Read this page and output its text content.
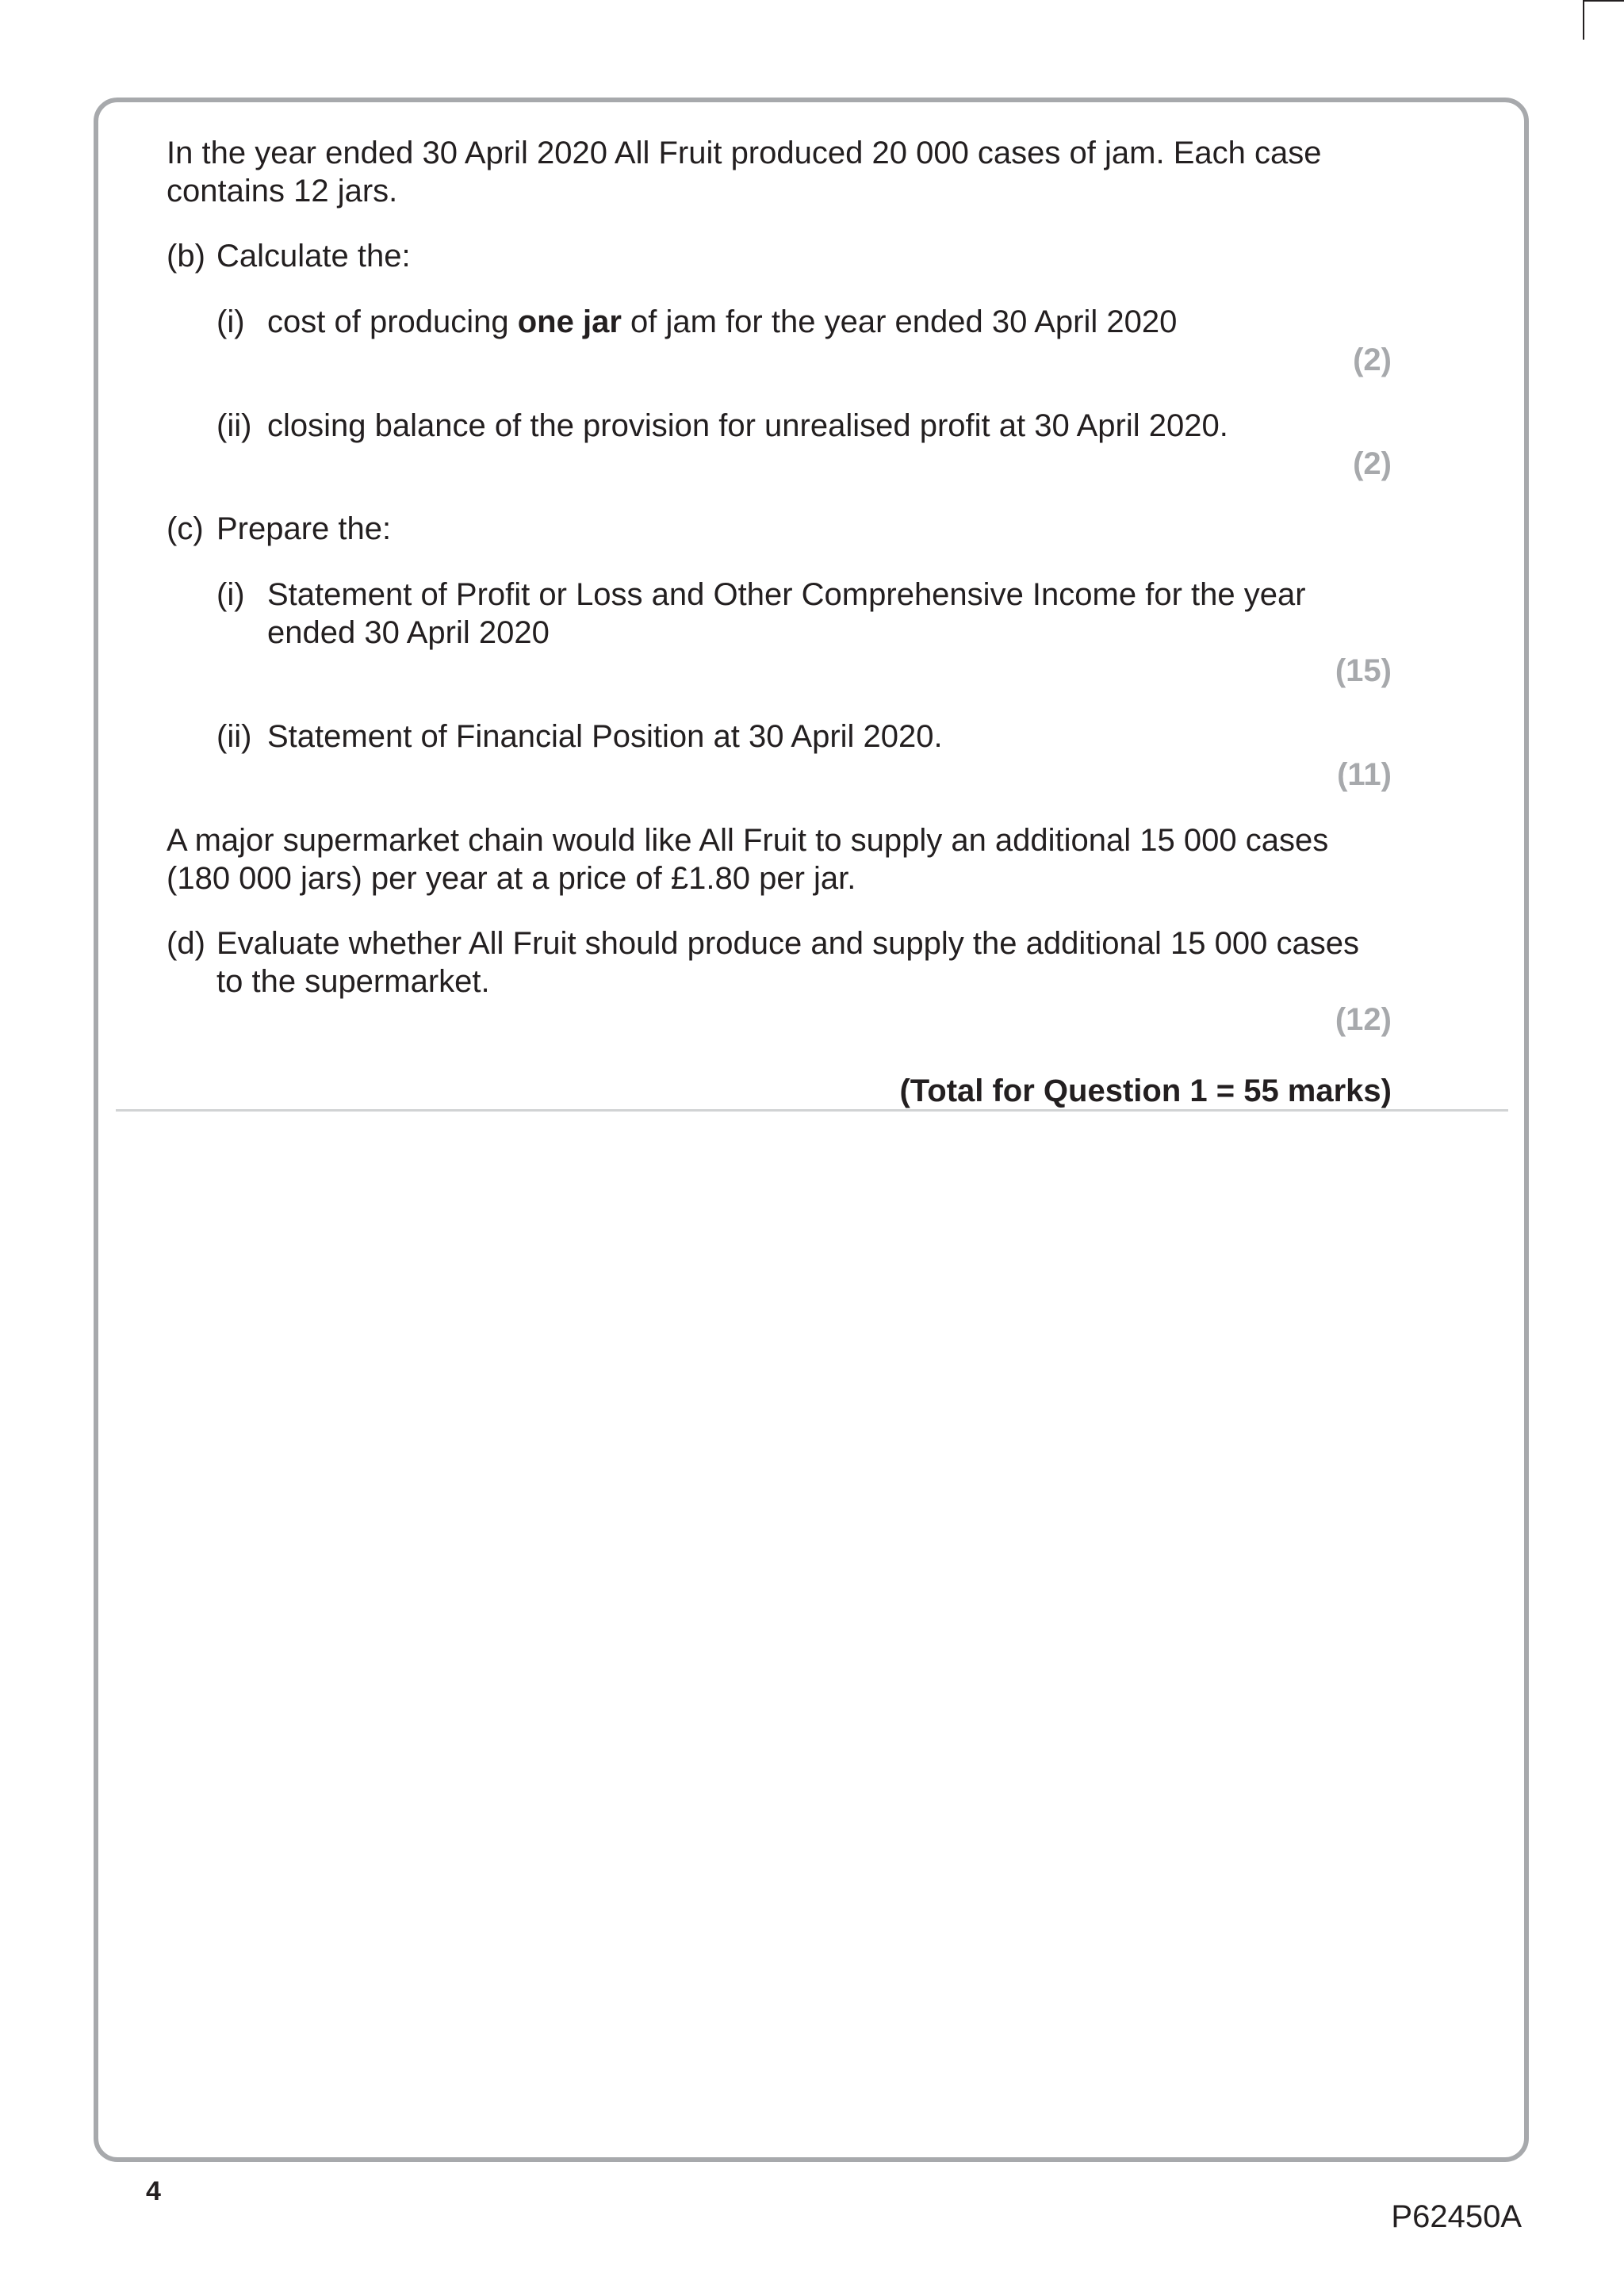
In the year ended 30 April 2020 All Fruit produced 20 000 cases of jam. Each case
contains 12 jars.
(b) Calculate the:
(i) cost of producing one jar of jam for the year ended 30 April 2020
(2)
(ii) closing balance of the provision for unrealised profit at 30 April 2020.
(2)
(c) Prepare the:
(i) Statement of Profit or Loss and Other Comprehensive Income for the year
ended 30 April 2020
(15)
(ii) Statement of Financial Position at 30 April 2020.
(11)
A major supermarket chain would like All Fruit to supply an additional 15 000 cases
(180 000 jars) per year at a price of £1.80 per jar.
(d) Evaluate whether All Fruit should produce and supply the additional 15 000 cases
to the supermarket.
(12)
(Total for Question 1 = 55 marks)
4
P62450A
